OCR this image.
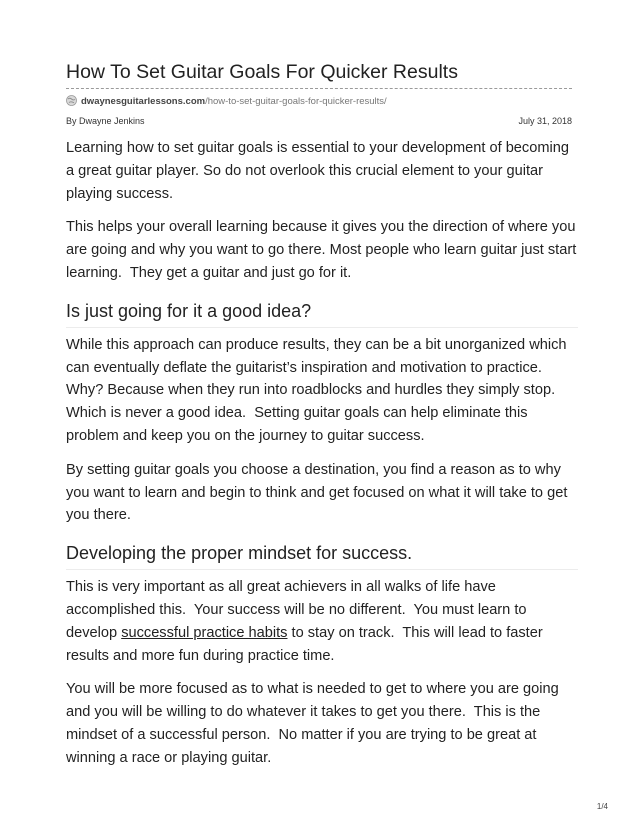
How To Set Guitar Goals For Quicker Results
dwaynesguitarlessons.com/how-to-set-guitar-goals-for-quicker-results/
By Dwayne Jenkins	July 31, 2018

Learning how to set guitar goals is essential to your development of becoming a great guitar player. So do not overlook this crucial element to your guitar playing success.

This helps your overall learning because it gives you the direction of where you are going and why you want to go there. Most people who learn guitar just start learning.  They get a guitar and just go for it.

Is just going for it a good idea?

While this approach can produce results, they can be a bit unorganized which can eventually deflate the guitarist’s inspiration and motivation to practice. Why? Because when they run into roadblocks and hurdles they simply stop.  Which is never a good idea.  Setting guitar goals can help eliminate this problem and keep you on the journey to guitar success.

By setting guitar goals you choose a destination, you find a reason as to why you want to learn and begin to think and get focused on what it will take to get you there.

Developing the proper mindset for success.

This is very important as all great achievers in all walks of life have accomplished this.  Your success will be no different.  You must learn to develop successful practice habits to stay on track.  This will lead to faster results and more fun during practice time.

You will be more focused as to what is needed to get to where you are going and you will be willing to do whatever it takes to get you there.  This is the mindset of a successful person.  No matter if you are trying to be great at winning a race or playing guitar.

1/4
